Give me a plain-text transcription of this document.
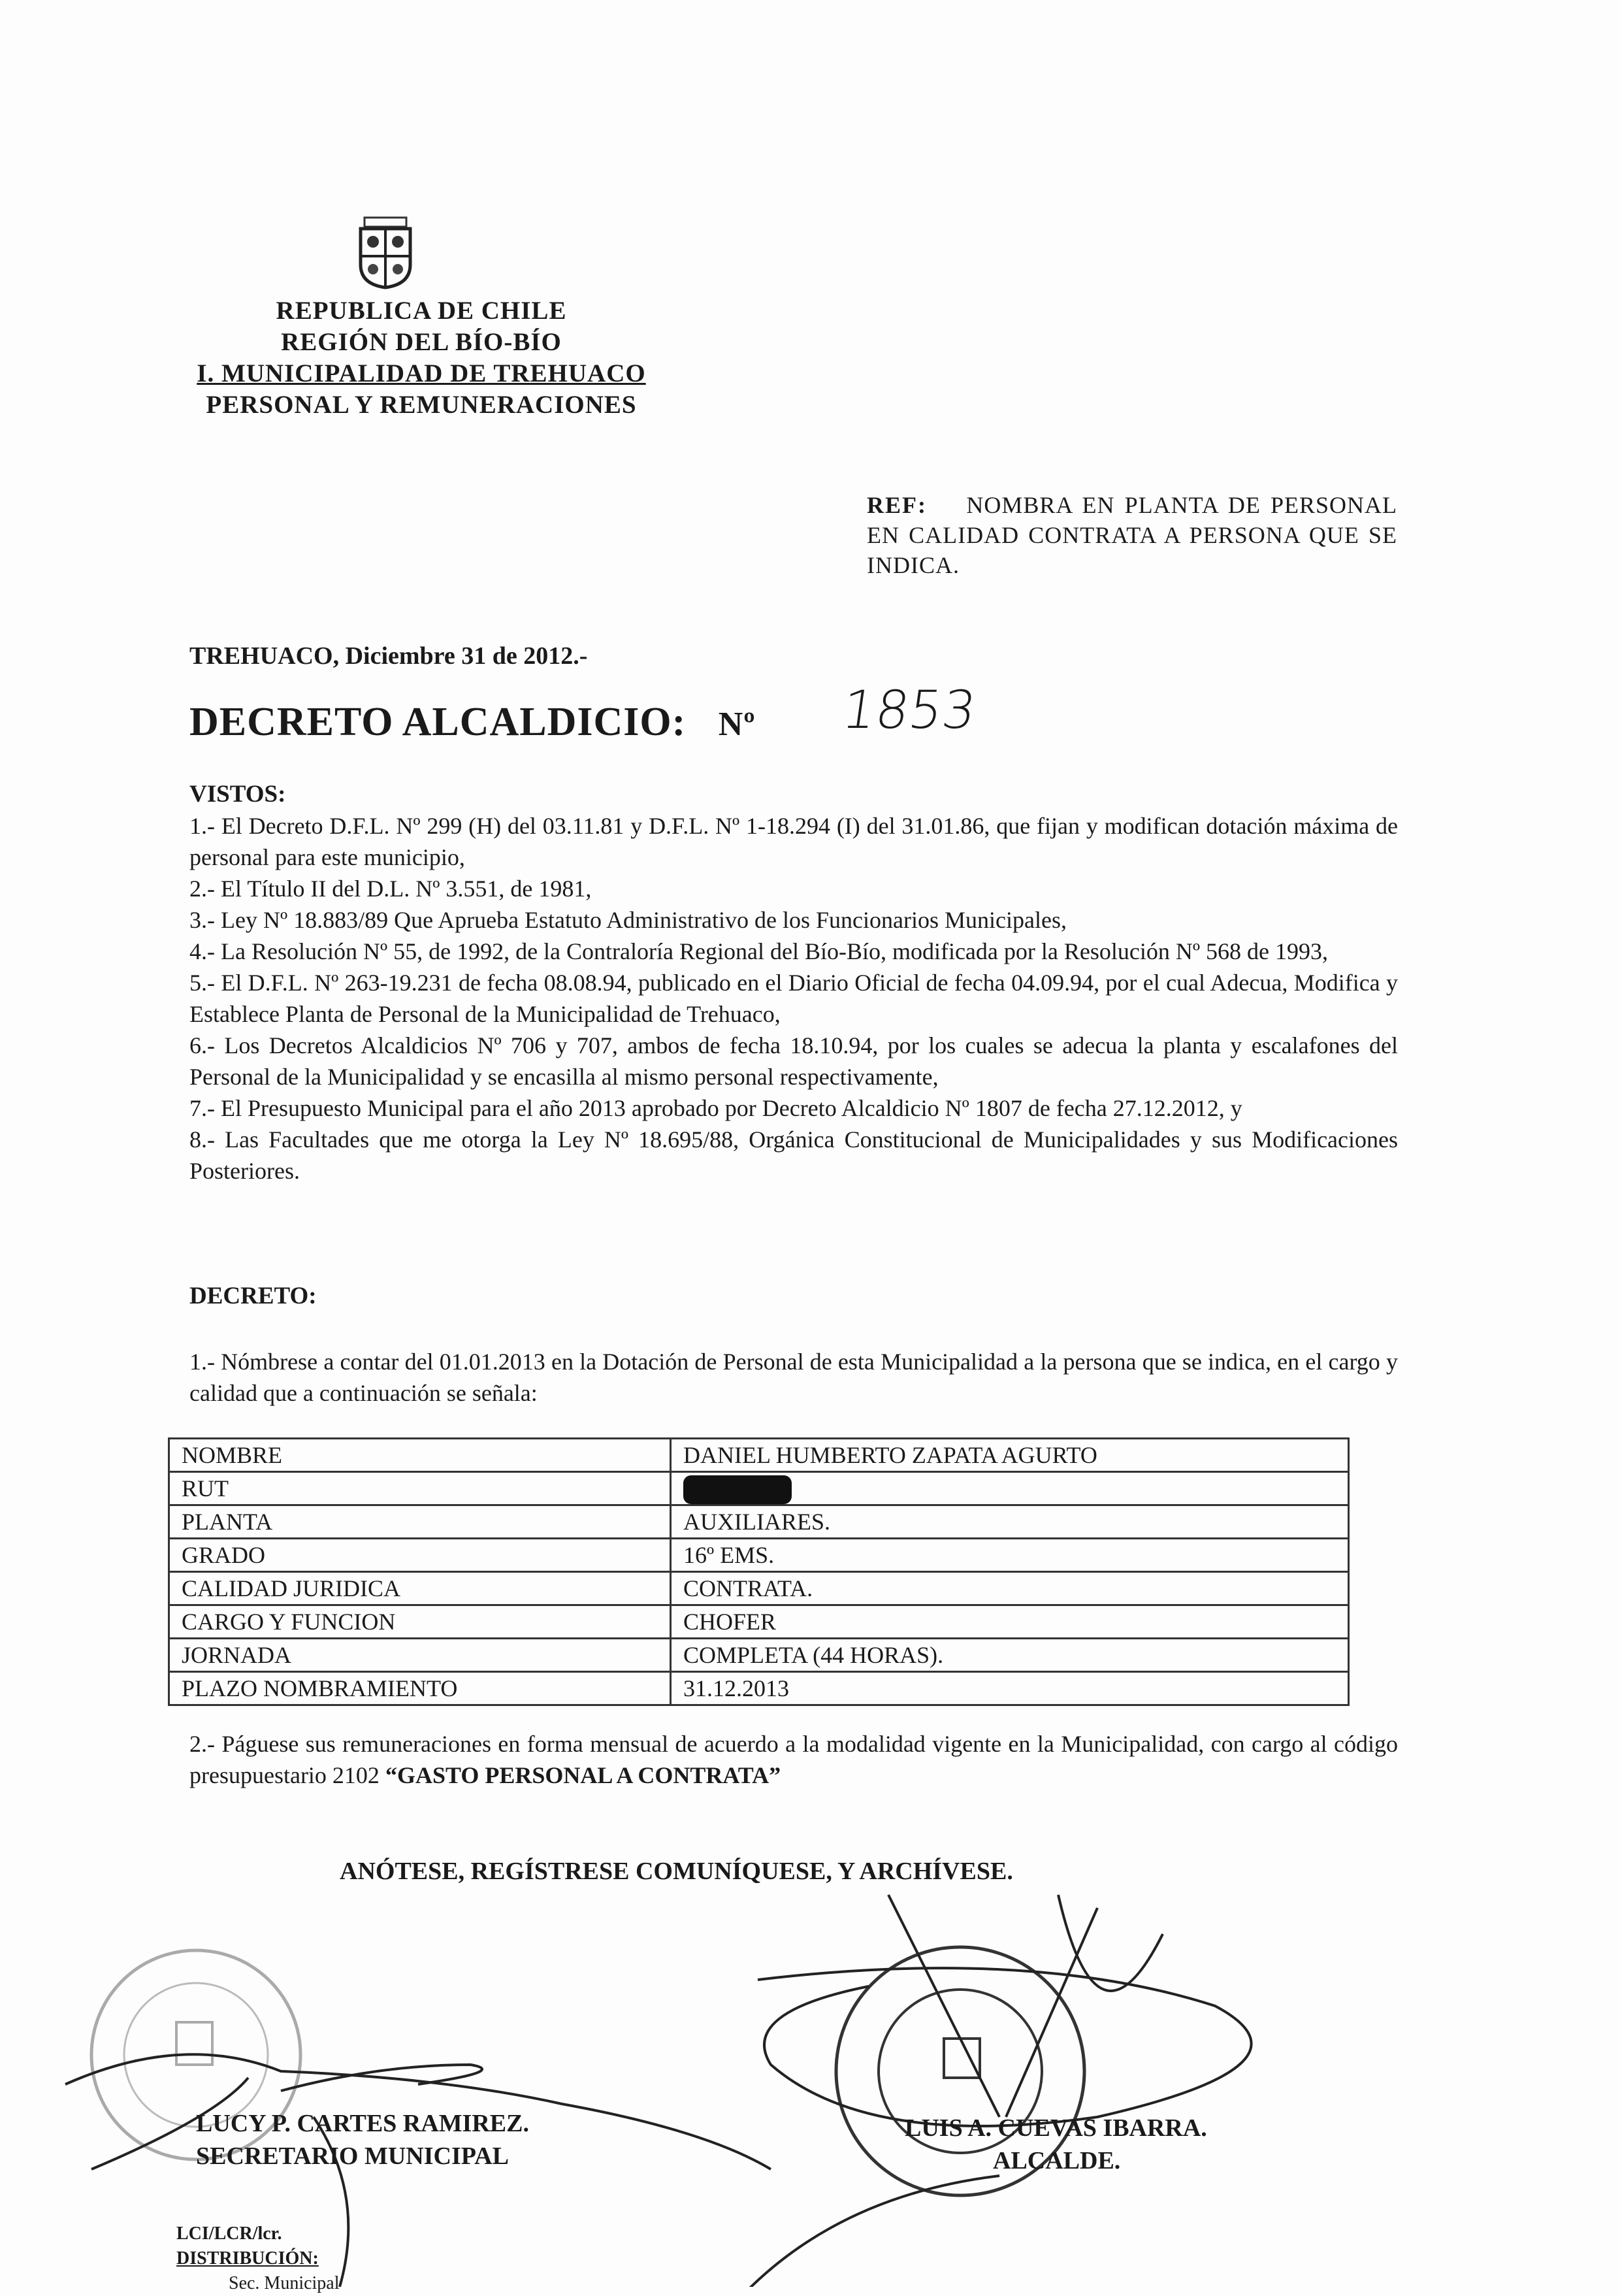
REPUBLICA DE CHILE
REGIÓN DEL BÍO-BÍO
I. MUNICIPALIDAD DE TREHUACO
PERSONAL Y REMUNERACIONES
REF: NOMBRA EN PLANTA DE PERSONAL EN CALIDAD CONTRATA A PERSONA QUE SE INDICA.
TREHUACO, Diciembre 31 de 2012.-
DECRETO ALCALDICIO: Nº 1853
VISTOS:
1.- El Decreto D.F.L. Nº 299 (H) del 03.11.81 y D.F.L. Nº 1-18.294 (I) del 31.01.86, que fijan y modifican dotación máxima de personal para este municipio,
2.- El Título II del D.L. Nº 3.551, de 1981,
3.- Ley Nº 18.883/89 Que Aprueba Estatuto Administrativo de los Funcionarios Municipales,
4.- La Resolución Nº 55, de 1992, de la Contraloría Regional del Bío-Bío, modificada por la Resolución Nº 568 de 1993,
5.- El D.F.L. Nº 263-19.231 de fecha 08.08.94, publicado en el Diario Oficial de fecha 04.09.94, por el cual Adecua, Modifica y Establece Planta de Personal de la Municipalidad de Trehuaco,
6.- Los Decretos Alcaldicios Nº 706 y 707, ambos de fecha 18.10.94, por los cuales se adecua la planta y escalafones del Personal de la Municipalidad y se encasilla al mismo personal respectivamente,
7.- El Presupuesto Municipal para el año 2013 aprobado por Decreto Alcaldicio Nº 1807 de fecha 27.12.2012, y
8.- Las Facultades que me otorga la Ley Nº 18.695/88, Orgánica Constitucional de Municipalidades y sus Modificaciones Posteriores.
DECRETO:
1.- Nómbrese a contar del 01.01.2013 en la Dotación de Personal de esta Municipalidad a la persona que se indica, en el cargo y calidad que a continuación se señala:
NOMBRE	DANIEL HUMBERTO ZAPATA AGURTO
RUT	█.618.915-█
PLANTA	AUXILIARES.
GRADO	16º EMS.
CALIDAD JURIDICA	CONTRATA.
CARGO Y FUNCION	CHOFER
JORNADA	COMPLETA (44 HORAS).
PLAZO NOMBRAMIENTO	31.12.2013
2.- Páguese sus remuneraciones en forma mensual de acuerdo a la modalidad vigente en la Municipalidad, con cargo al código presupuestario 2102 “GASTO PERSONAL A CONTRATA”
ANÓTESE, REGÍSTRESE COMUNÍQUESE, Y ARCHÍVESE.
LUCY P. CARTES RAMIREZ.
SECRETARIO MUNICIPAL
LUIS A. CUEVAS IBARRA.
ALCALDE.
LCI/LCR/lcr.
DISTRIBUCIÓN:
Sec. Municipal
